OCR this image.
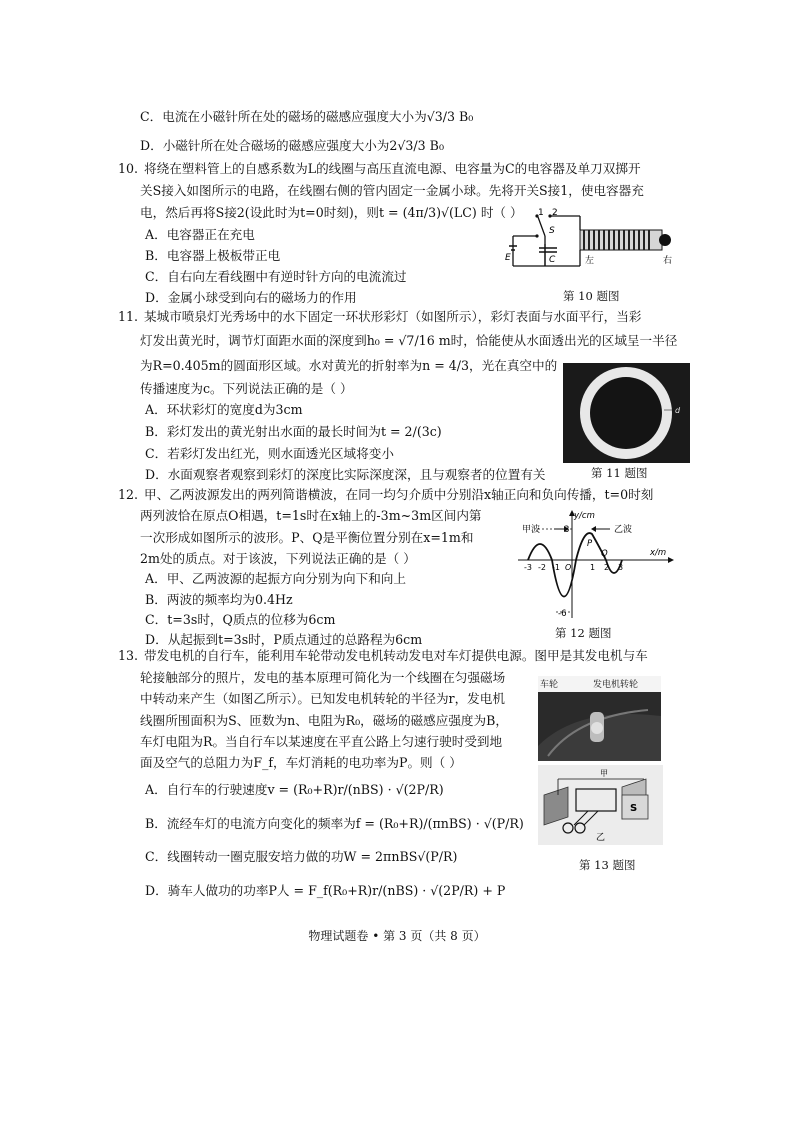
C．电流在小磁针所在处的磁场的磁感应强度大小为√3/3 B₀
D．小磁针所在处合磁场的磁感应强度大小为2√3/3 B₀
10. 将绕在塑料管上的自感系数为L的线圈与高压直流电源、电容量为C的电容器及单刀双掷开
关S接入如图所示的电路，在线圈右侧的管内固定一金属小球。先将开关S接1，使电容器充
电，然后再将S接2(设此时为t=0时刻)，则t = (4π/3)√(LC) 时（ ）
A．电容器正在充电
B．电容器上极板带正电
C．自右向左看线圈中有逆时针方向的电流流过
D．金属小球受到向右的磁场力的作用
1 2
S
E	C	左	右
第 10 题图
11. 某城市喷泉灯光秀场中的水下固定一环状形彩灯（如图所示），彩灯表面与水面平行，当彩
灯发出黄光时，调节灯面距水面的深度到h₀ = √7/16 m时，恰能使从水面透出光的区域呈一半径
为R=0.405m的圆面形区域。水对黄光的折射率为n = 4/3，光在真空中的
传播速度为c。下列说法正确的是（ ）
A．环状彩灯的宽度d为3cm
B．彩灯发出的黄光射出水面的最长时间为t = 2/(3c)
C．若彩灯发出红光，则水面透光区域将变小
D．水面观察者观察到彩灯的深度比实际深度深，且与观察者的位置有关
d
第 11 题图
12. 甲、乙两波源发出的两列简谐横波，在同一均匀介质中分别沿x轴正向和负向传播，t=0时刻
两列波恰在原点O相遇，t=1s时在x轴上的-3m~3m区间内第
一次形成如图所示的波形。P、Q是平衡位置分别在x=1m和
2m处的质点。对于该波，下列说法正确的是（ ）
A．甲、乙两波源的起振方向分别为向下和向上
B．两波的频率均为0.4Hz
C．t=3s时，Q质点的位移为6cm
D．从起振到t=3s时，P质点通过的总路程为6cm
y/cm
x/m
甲波	乙波
3
-6
-3 -2 -1 O 1 2 3
P
Q
第 12 题图
13. 带发电机的自行车，能利用车轮带动发电机转动发电对车灯提供电源。图甲是其发电机与车
轮接触部分的照片，发电的基本原理可简化为一个线圈在匀强磁场
中转动来产生（如图乙所示）。已知发电机转轮的半径为r，发电机
线圈所围面积为S、匝数为n、电阻为R₀，磁场的磁感应强度为B，
车灯电阻为R。当自行车以某速度在平直公路上匀速行驶时受到地
面及空气的总阻力为F_f，车灯消耗的电功率为P。则（ ）
A．自行车的行驶速度v = (R₀+R)r/(nBS) · √(2P/R)
B．流经车灯的电流方向变化的频率为f = (R₀+R)/(πnBS) · √(P/R)
C．线圈转动一圈克服安培力做的功W = 2πnBS√(P/R)
D．骑车人做功的功率P人 = F_f(R₀+R)r/(nBS) · √(2P/R) + P
车轮	发电机转轮
S
甲
乙
第 13 题图
物理试题卷 • 第 3 页（共 8 页）
